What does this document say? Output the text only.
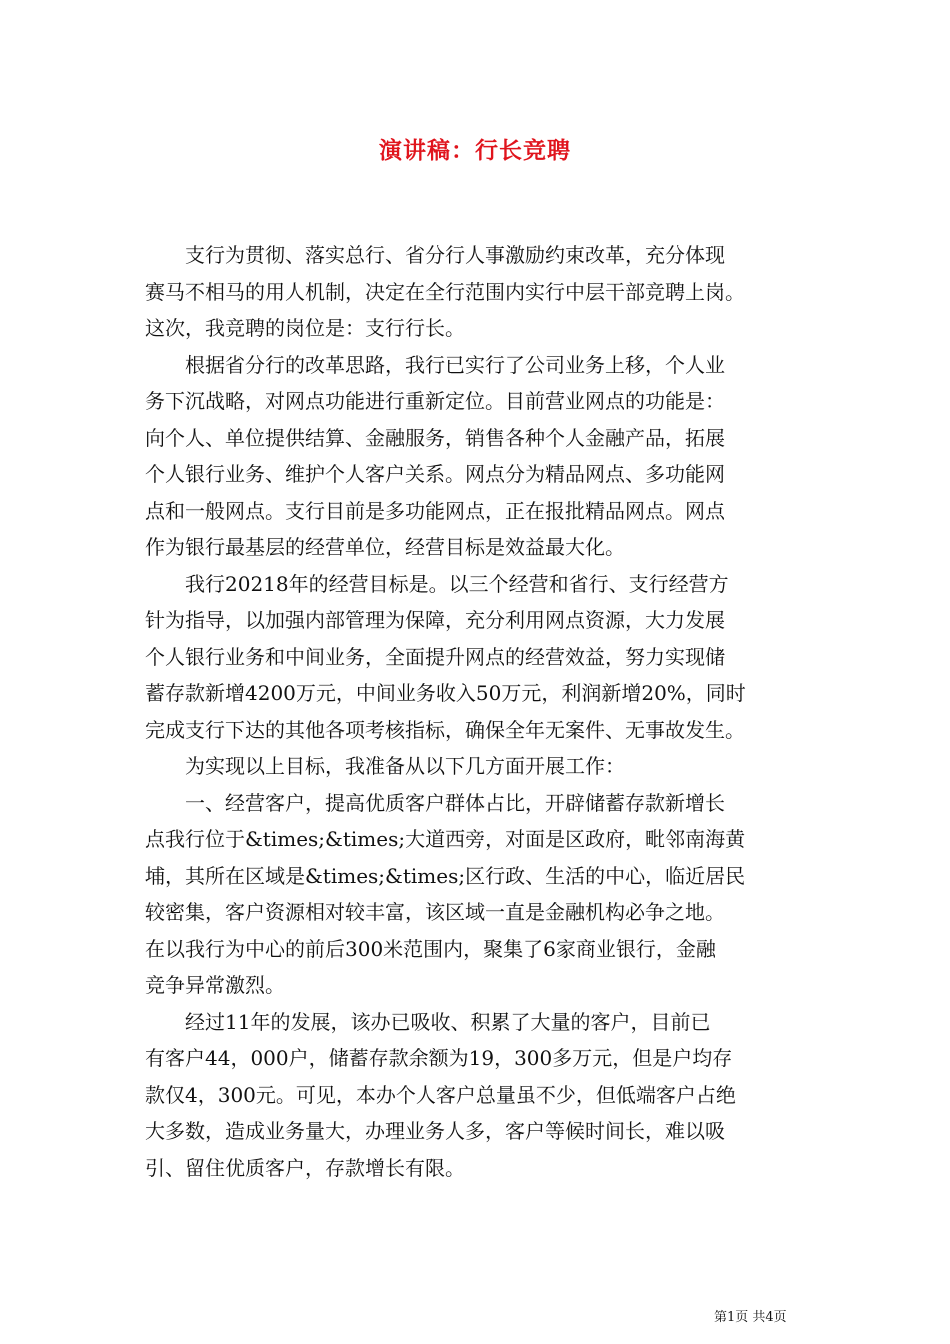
演讲稿：行长竞聘

　　支行为贯彻、落实总行、省分行人事激励约束改革，充分体现
赛马不相马的用人机制，决定在全行范围内实行中层干部竞聘上岗。
这次，我竞聘的岗位是：支行行长。

　　根据省分行的改革思路，我行已实行了公司业务上移，个人业
务下沉战略，对网点功能进行重新定位。目前营业网点的功能是：
向个人、单位提供结算、金融服务，销售各种个人金融产品，拓展
个人银行业务、维护个人客户关系。网点分为精品网点、多功能网
点和一般网点。支行目前是多功能网点，正在报批精品网点。网点
作为银行最基层的经营单位，经营目标是效益最大化。

　　我行20218年的经营目标是。以三个经营和省行、支行经营方
针为指导，以加强内部管理为保障，充分利用网点资源，大力发展
个人银行业务和中间业务，全面提升网点的经营效益，努力实现储
蓄存款新增4200万元，中间业务收入50万元，利润新增20%，同时
完成支行下达的其他各项考核指标，确保全年无案件、无事故发生。

　　为实现以上目标，我准备从以下几方面开展工作：

　　一、经营客户，提高优质客户群体占比，开辟储蓄存款新增长
点我行位于&times;&times;大道西旁，对面是区政府，毗邻南海黄
埔，其所在区域是&times;&times;区行政、生活的中心，临近居民
较密集，客户资源相对较丰富，该区域一直是金融机构必争之地。
在以我行为中心的前后300米范围内，聚集了6家商业银行，金融
竞争异常激烈。

　　经过11年的发展，该办已吸收、积累了大量的客户，目前已
有客户44，000户，储蓄存款余额为19，300多万元，但是户均存
款仅4，300元。可见，本办个人客户总量虽不少，但低端客户占绝
大多数，造成业务量大，办理业务人多，客户等候时间长，难以吸
引、留住优质客户，存款增长有限。

第1页 共4页
